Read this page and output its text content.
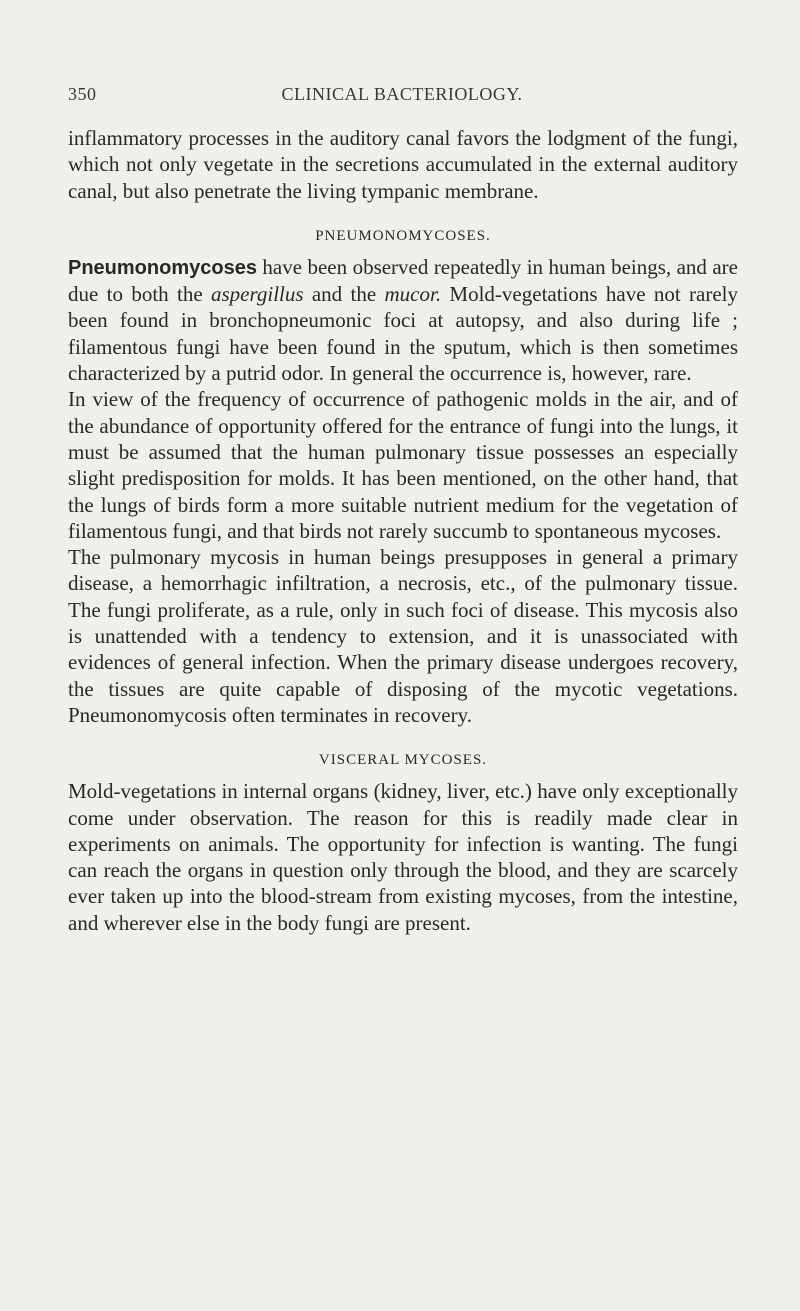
350	CLINICAL BACTERIOLOGY.

inflammatory processes in the auditory canal favors the lodgment of the fungi, which not only vegetate in the secretions accumulated in the external auditory canal, but also penetrate the living tympanic membrane.

PNEUMONOMYCOSES.

Pneumonomycoses have been observed repeatedly in human beings, and are due to both the aspergillus and the mucor. Mold-vegetations have not rarely been found in bronchopneumonic foci at autopsy, and also during life ; filamentous fungi have been found in the sputum, which is then sometimes characterized by a putrid odor. In general the occurrence is, however, rare.

In view of the frequency of occurrence of pathogenic molds in the air, and of the abundance of opportunity offered for the entrance of fungi into the lungs, it must be assumed that the human pulmonary tissue possesses an especially slight predisposition for molds. It has been mentioned, on the other hand, that the lungs of birds form a more suitable nutrient medium for the vegetation of filamentous fungi, and that birds not rarely succumb to spontaneous mycoses.

The pulmonary mycosis in human beings presupposes in general a primary disease, a hemorrhagic infiltration, a necrosis, etc., of the pulmonary tissue. The fungi proliferate, as a rule, only in such foci of disease. This mycosis also is unattended with a tendency to extension, and it is unassociated with evidences of general infection. When the primary disease undergoes recovery, the tissues are quite capable of disposing of the mycotic vegetations. Pneumonomycosis often terminates in recovery.

VISCERAL MYCOSES.

Mold-vegetations in internal organs (kidney, liver, etc.) have only exceptionally come under observation. The reason for this is readily made clear in experiments on animals. The opportunity for infection is wanting. The fungi can reach the organs in question only through the blood, and they are scarcely ever taken up into the blood-stream from existing mycoses, from the intestine, and wherever else in the body fungi are present.
